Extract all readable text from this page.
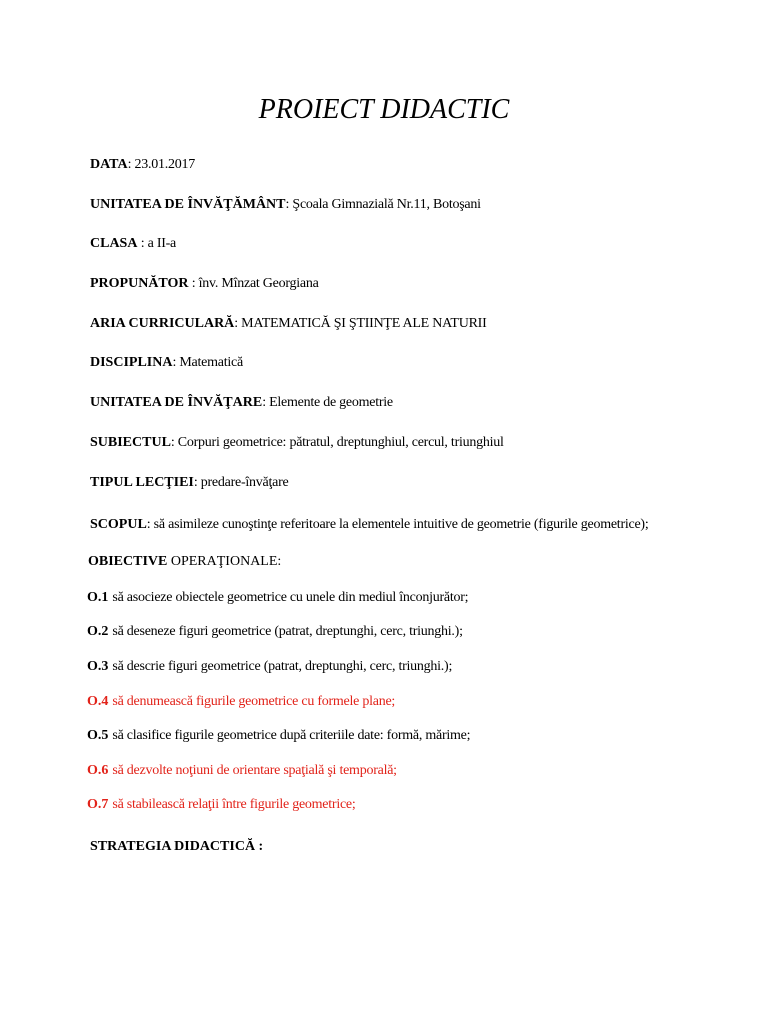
PROIECT DIDACTIC
DATA: 23.01.2017
UNITATEA DE ÎNVĂŢĂMÂNT: Şcoala Gimnazială Nr.11, Botoşani
CLASA : a II-a
PROPUNĂTOR : înv. Mînzat Georgiana
ARIA CURRICULARĂ: MATEMATICĂ ŞI ŞTIINŢE ALE NATURII
DISCIPLINA: Matematică
UNITATEA DE ÎNVĂŢARE: Elemente de geometrie
SUBIECTUL: Corpuri geometrice: pătratul, dreptunghiul, cercul, triunghiul
TIPUL LECŢIEI: predare-învăţare
SCOPUL: să asimileze cunoştinţe referitoare la elementele intuitive de geometrie (figurile geometrice);
OBIECTIVE OPERAŢIONALE:
O.1 să asocieze obiectele geometrice cu unele din mediul înconjurător;
O.2 să deseneze figuri geometrice (patrat, dreptunghi, cerc, triunghi.);
O.3 să descrie figuri geometrice (patrat, dreptunghi, cerc, triunghi.);
O.4 să denumească figurile geometrice cu formele plane;
O.5 să clasifice figurile geometrice după criteriile date: formă, mărime;
O.6 să dezvolte noţiuni de orientare spaţială şi temporală;
O.7 să stabilească relaţii între figurile geometrice;
STRATEGIA DIDACTICĂ :
